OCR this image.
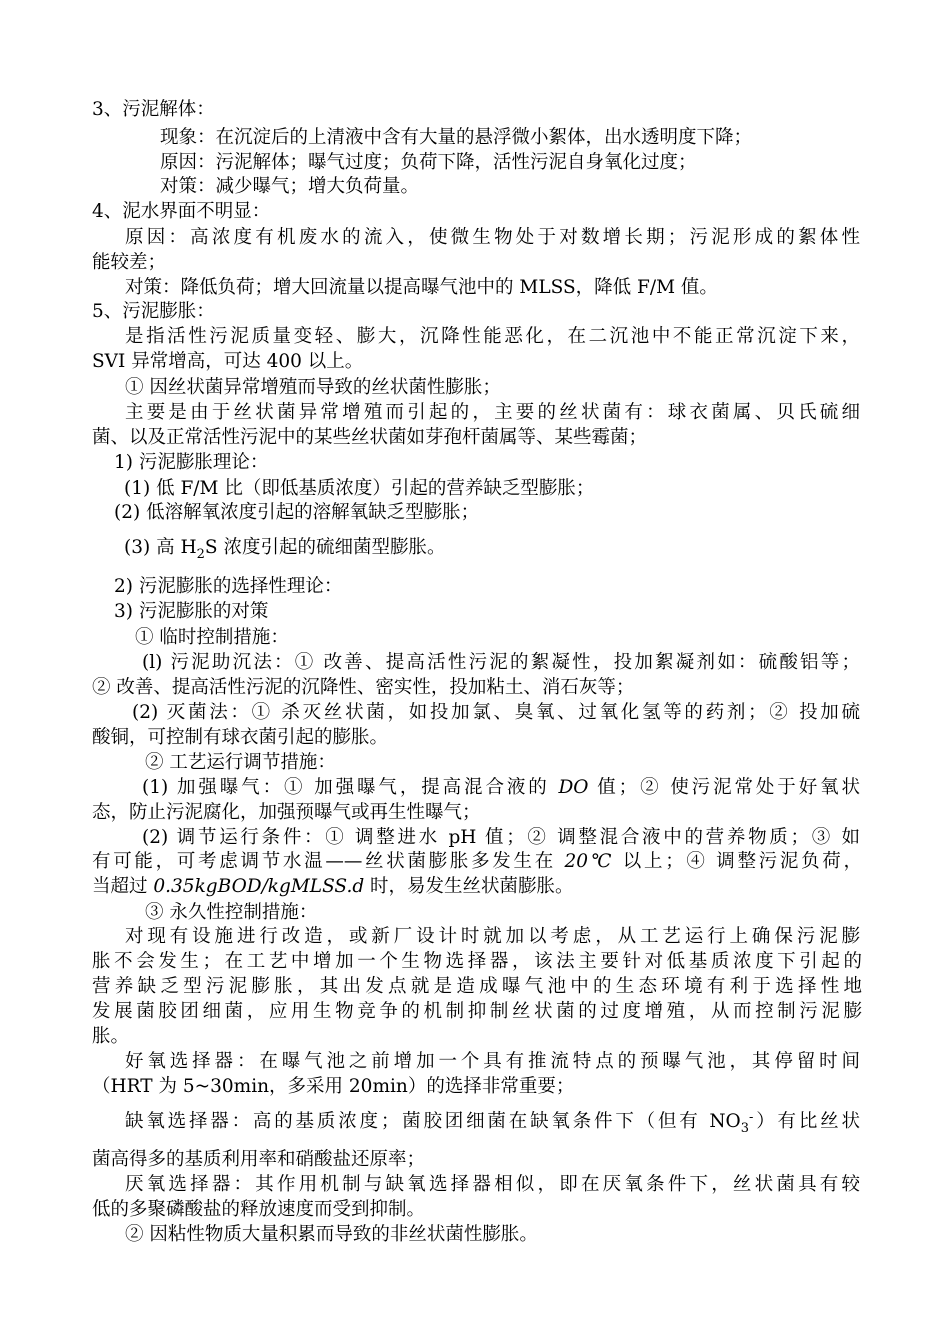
3、污泥解体：
现象：在沉淀后的上清液中含有大量的悬浮微小絮体，出水透明度下降；
原因：污泥解体；曝气过度；负荷下降，活性污泥自身氧化过度；
对策：减少曝气；增大负荷量。
4、泥水界面不明显：
原因：高浓度有机废水的流入，使微生物处于对数增长期；污泥形成的絮体性
能较差；
对策：降低负荷；增大回流量以提高曝气池中的 MLSS，降低 F/M 值。
5、污泥膨胀：
是指活性污泥质量变轻、膨大，沉降性能恶化，在二沉池中不能正常沉淀下来，
SVI 异常增高，可达 400 以上。
① 因丝状菌异常增殖而导致的丝状菌性膨胀；
主要是由于丝状菌异常增殖而引起的，主要的丝状菌有：球衣菌属、贝氏硫细
菌、以及正常活性污泥中的某些丝状菌如芽孢杆菌属等、某些霉菌；
1) 污泥膨胀理论：
(1) 低 F/M 比（即低基质浓度）引起的营养缺乏型膨胀；
(2) 低溶解氧浓度引起的溶解氧缺乏型膨胀；
(3) 高 $H_2S$ 浓度引起的硫细菌型膨胀。
2) 污泥膨胀的选择性理论：
3) 污泥膨胀的对策
① 临时控制措施：
(l) 污泥助沉法：① 改善、提高活性污泥的絮凝性，投加絮凝剂如：硫酸铝等；
② 改善、提高活性污泥的沉降性、密实性，投加粘土、消石灰等；
(2) 灭菌法：① 杀灭丝状菌，如投加氯、臭氧、过氧化氢等的药剂；② 投加硫
酸铜，可控制有球衣菌引起的膨胀。
② 工艺运行调节措施：
(1) 加强曝气：① 加强曝气，提高混合液的 DO 值；② 使污泥常处于好氧状
态，防止污泥腐化，加强预曝气或再生性曝气；
(2) 调节运行条件：① 调整进水 pH 值；② 调整混合液中的营养物质；③ 如
有可能，可考虑调节水温——丝状菌膨胀多发生在 20℃ 以上；④ 调整污泥负荷，
当超过 0.35kgBOD/kgMLSS.d 时，易发生丝状菌膨胀。
③ 永久性控制措施：
对现有设施进行改造，或新厂设计时就加以考虑，从工艺运行上确保污泥膨
胀不会发生；在工艺中增加一个生物选择器，该法主要针对低基质浓度下引起的
营养缺乏型污泥膨胀，其出发点就是造成曝气池中的生态环境有利于选择性地
发展菌胶团细菌，应用生物竞争的机制抑制丝状菌的过度增殖，从而控制污泥膨
胀。
好氧选择器：在曝气池之前增加一个具有推流特点的预曝气池，其停留时间
（HRT 为 5~30min，多采用 20min）的选择非常重要；
缺氧选择器：高的基质浓度；菌胶团细菌在缺氧条件下（但有 $NO_3^-$）有比丝状
菌高得多的基质利用率和硝酸盐还原率；
厌氧选择器：其作用机制与缺氧选择器相似，即在厌氧条件下，丝状菌具有较
低的多聚磷酸盐的释放速度而受到抑制。
② 因粘性物质大量积累而导致的非丝状菌性膨胀。
